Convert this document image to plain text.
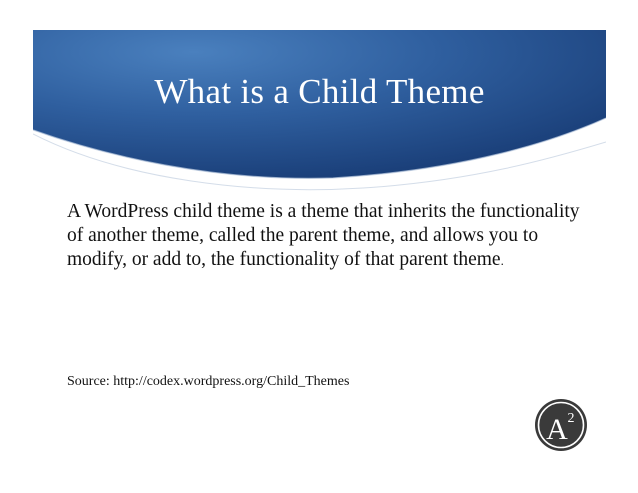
What is a Child Theme
A WordPress child theme is a theme that inherits the functionality of another theme, called the parent theme, and allows you to modify, or add to, the functionality of that parent theme.
Source: http://codex.wordpress.org/Child_Themes
A 2
